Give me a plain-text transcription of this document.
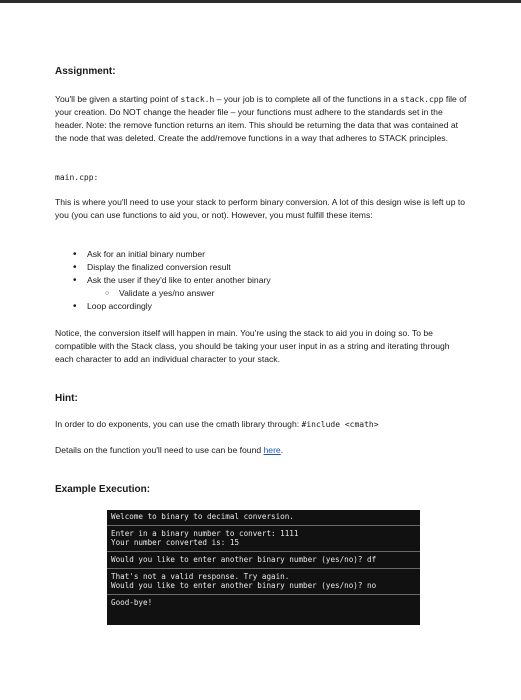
Assignment:
You'll be given a starting point of stack.h – your job is to complete all of the functions in a stack.cpp file of your creation. Do NOT change the header file – your functions must adhere to the standards set in the header. Note: the remove function returns an item. This should be returning the data that was contained at the node that was deleted. Create the add/remove functions in a way that adheres to STACK principles.
main.cpp:
This is where you'll need to use your stack to perform binary conversion. A lot of this design wise is left up to you (you can use functions to aid you, or not). However, you must fulfill these items:
• Ask for an initial binary number
• Display the finalized conversion result
• Ask the user if they'd like to enter another binary
○ Validate a yes/no answer
• Loop accordingly
Notice, the conversion itself will happen in main. You're using the stack to aid you in doing so. To be compatible with the Stack class, you should be taking your user input in as a string and iterating through each character to add an individual character to your stack.
Hint:
In order to do exponents, you can use the cmath library through: #include <cmath>
Details on the function you'll need to use can be found here.
Example Execution:
Welcome to binary to decimal conversion.
Enter in a binary number to convert: 1111
Your number converted is: 15
Would you like to enter another binary number (yes/no)? df
That's not a valid response. Try again.
Would you like to enter another binary number (yes/no)? no
Good-bye!
